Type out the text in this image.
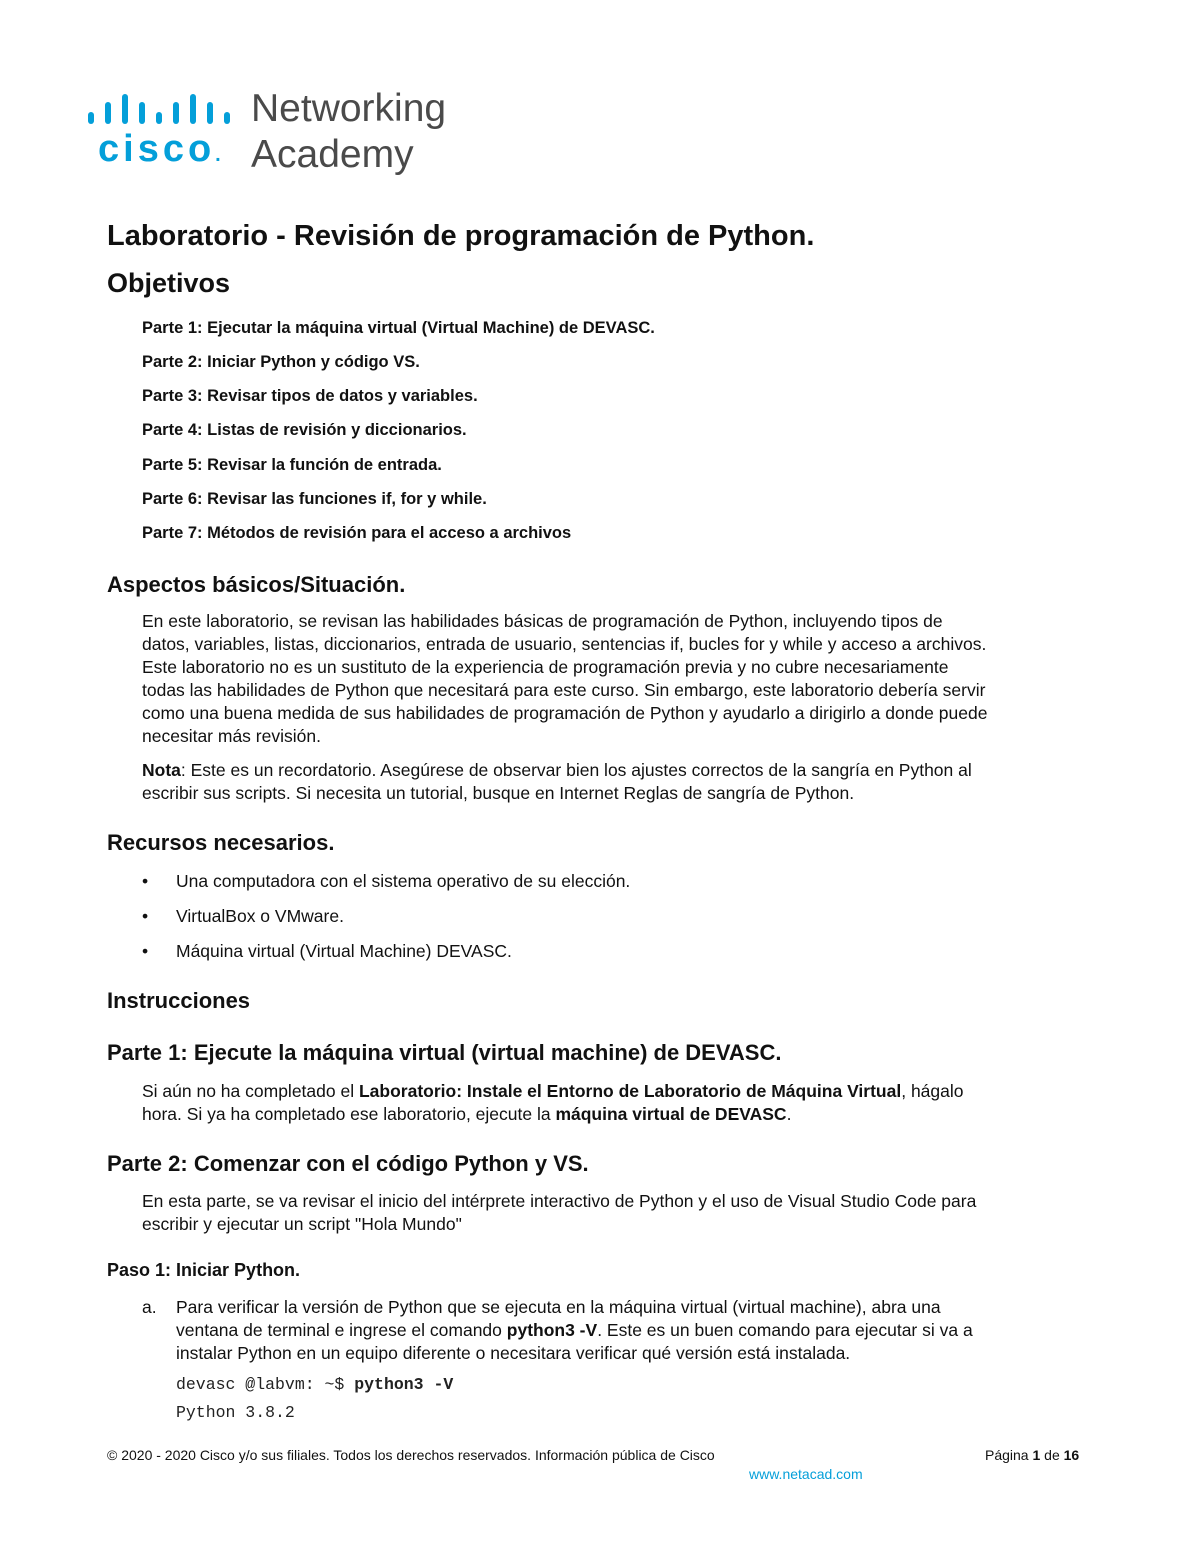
cisco.
Networking
Academy
Laboratorio - Revisión de programación de Python.
Objetivos
Parte 1: Ejecutar la máquina virtual (Virtual Machine) de DEVASC.
Parte 2: Iniciar Python y código VS.
Parte 3: Revisar tipos de datos y variables.
Parte 4: Listas de revisión y diccionarios.
Parte 5: Revisar la función de entrada.
Parte 6: Revisar las funciones if, for y while.
Parte 7: Métodos de revisión para el acceso a archivos
Aspectos básicos/Situación.
En este laboratorio, se revisan las habilidades básicas de programación de Python, incluyendo tipos de
datos, variables, listas, diccionarios, entrada de usuario, sentencias if, bucles for y while y acceso a archivos.
Este laboratorio no es un sustituto de la experiencia de programación previa y no cubre necesariamente
todas las habilidades de Python que necesitará para este curso. Sin embargo, este laboratorio debería servir
como una buena medida de sus habilidades de programación de Python y ayudarlo a dirigirlo a donde puede
necesitar más revisión.
Nota: Este es un recordatorio. Asegúrese de observar bien los ajustes correctos de la sangría en Python al
escribir sus scripts. Si necesita un tutorial, busque en Internet Reglas de sangría de Python.
Recursos necesarios.
• Una computadora con el sistema operativo de su elección.
• VirtualBox o VMware.
• Máquina virtual (Virtual Machine) DEVASC.
Instrucciones
Parte 1: Ejecute la máquina virtual (virtual machine) de DEVASC.
Si aún no ha completado el Laboratorio: Instale el Entorno de Laboratorio de Máquina Virtual, hágalo
hora. Si ya ha completado ese laboratorio, ejecute la máquina virtual de DEVASC.
Parte 2: Comenzar con el código Python y VS.
En esta parte, se va revisar el inicio del intérprete interactivo de Python y el uso de Visual Studio Code para
escribir y ejecutar un script "Hola Mundo"
Paso 1: Iniciar Python.
a. Para verificar la versión de Python que se ejecuta en la máquina virtual (virtual machine), abra una
ventana de terminal e ingrese el comando python3 -V. Este es un buen comando para ejecutar si va a
instalar Python en un equipo diferente o necesitara verificar qué versión está instalada.
devasc @labvm: ~$ python3 -V
Python 3.8.2
© 2020 - 2020 Cisco y/o sus filiales. Todos los derechos reservados. Información pública de Cisco	Página 1 de 16
www.netacad.com
